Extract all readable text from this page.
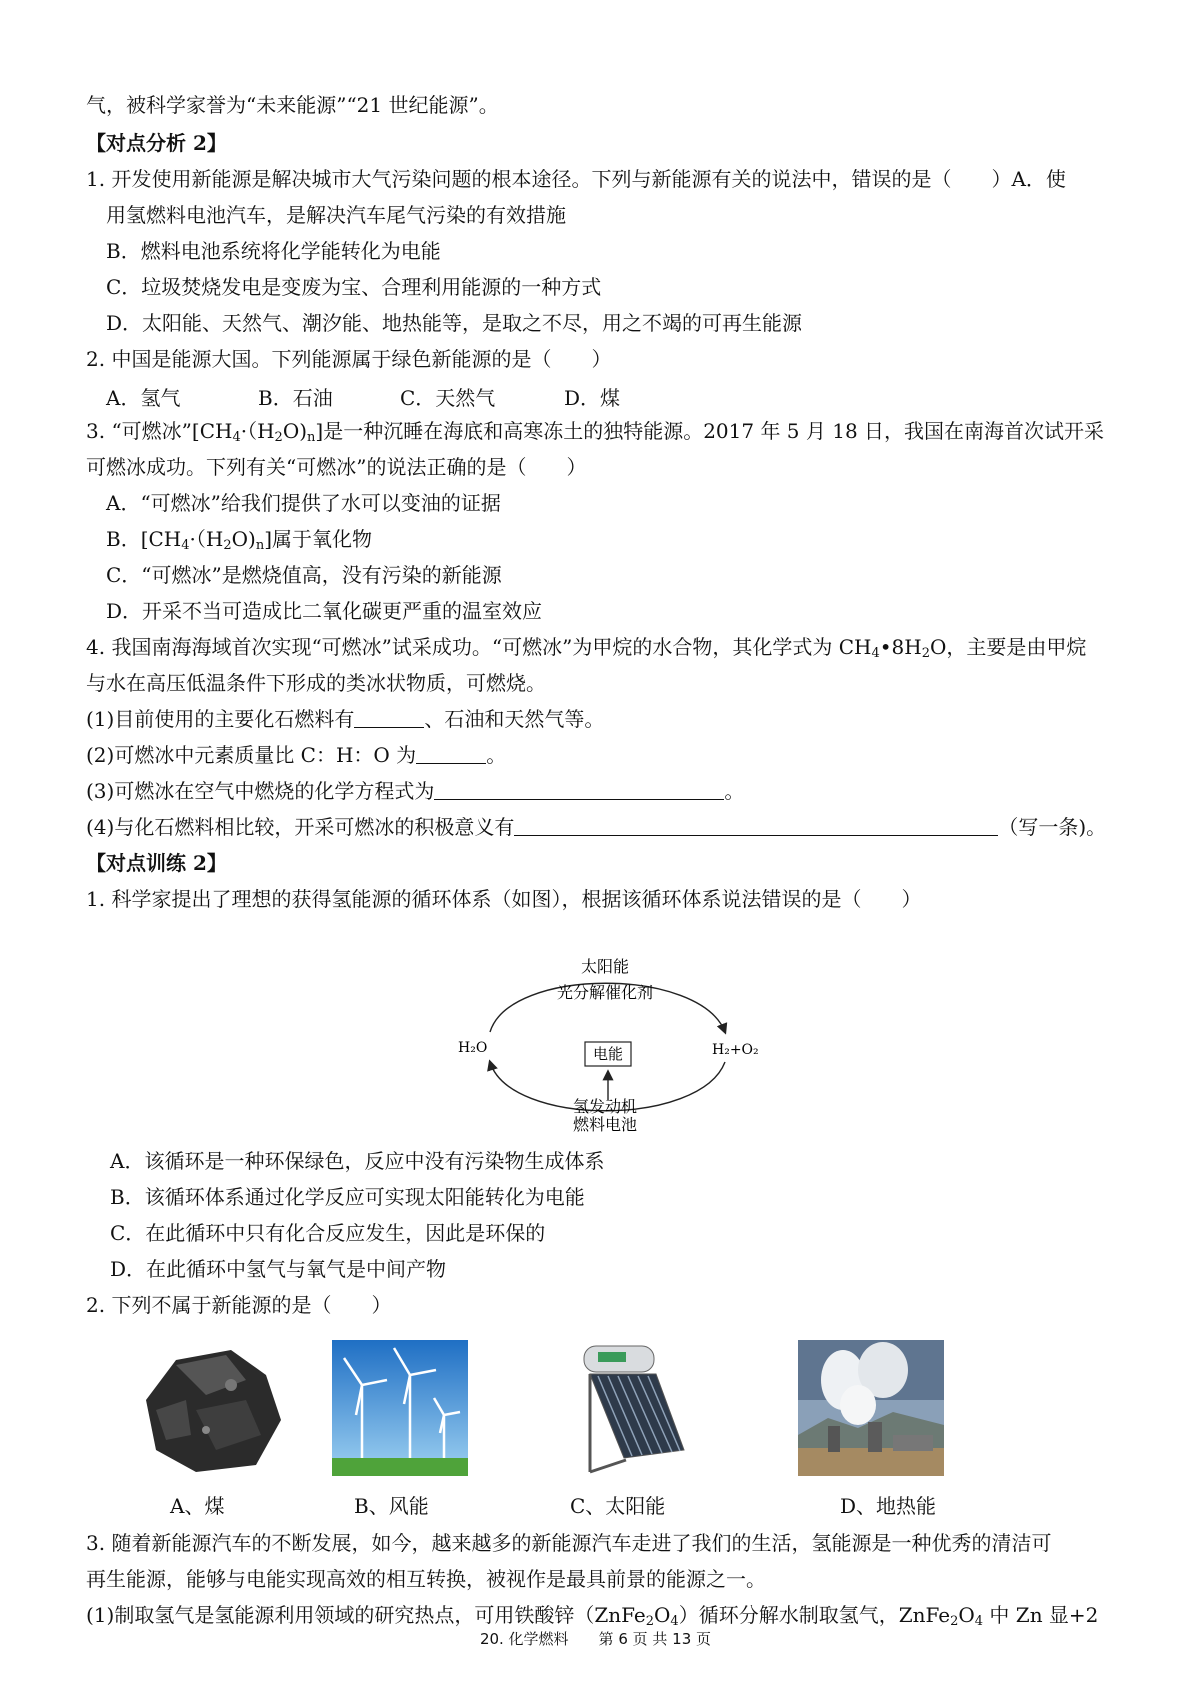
气，被科学家誉为“未来能源”“21 世纪能源”。
【对点分析 2】
1. 开发使用新能源是解决城市大气污染问题的根本途径。下列与新能源有关的说法中，错误的是（　　）A．使
用氢燃料电池汽车，是解决汽车尾气污染的有效措施
B．燃料电池系统将化学能转化为电能
C．垃圾焚烧发电是变废为宝、合理利用能源的一种方式
D．太阳能、天然气、潮汐能、地热能等，是取之不尽，用之不竭的可再生能源
2. 中国是能源大国。下列能源属于绿色新能源的是（　　）
A．氢气	B．石油	C．天然气	D．煤
3. “可燃冰$”[CH_4\cdot(H_2O)_n]$是一种沉睡在海底和高寒冻土的独特能源。2017 年 5 月 18 日，我国在南海首次试开采
可燃冰成功。下列有关“可燃冰”的说法正确的是（　　）
A．“可燃冰”给我们提供了水可以变油的证据
B．$[CH_4\cdot(H_2O)_n]$属于氧化物
C．“可燃冰”是燃烧值高，没有污染的新能源
D．开采不当可造成比二氧化碳更严重的温室效应
4. 我国南海海域首次实现“可燃冰”试采成功。“可燃冰”为甲烷的水合物，其化学式为 $CH_4•8H_2O$，主要是由甲烷
与水在高压低温条件下形成的类冰状物质，可燃烧。
(1)目前使用的主要化石燃料有	、石油和天然气等。
(2)可燃冰中元素质量比 C：H：O 为	。
(3)可燃冰在空气中燃烧的化学方程式为	。
(4)与化石燃料相比较，开采可燃冰的积极意义有	（写一条)。
【对点训练 2】
1. 科学家提出了理想的获得氢能源的循环体系（如图），根据该循环体系说法错误的是（　　）
太阳能
光分解催化剂
H₂O	H₂+O₂
电能
氢发动机
燃料电池
A．该循环是一种环保绿色，反应中没有污染物生成体系
B．该循环体系通过化学反应可实现太阳能转化为电能
C．在此循环中只有化合反应发生，因此是环保的
D．在此循环中氢气与氧气是中间产物
2. 下列不属于新能源的是（　　）
A、煤	B、风能	C、太阳能	D、地热能
3. 随着新能源汽车的不断发展，如今，越来越多的新能源汽车走进了我们的生活，氢能源是一种优秀的清洁可
再生能源，能够与电能实现高效的相互转换，被视作是最具前景的能源之一。
(1)制取氢气是氢能源利用领域的研究热点，可用铁酸锌$(ZnFe_2O_4)$循环分解水制取氢气，$ZnFe_2O_4$ 中 Zn 显+2
20. 化学燃料　　第 6 页 共 13 页
